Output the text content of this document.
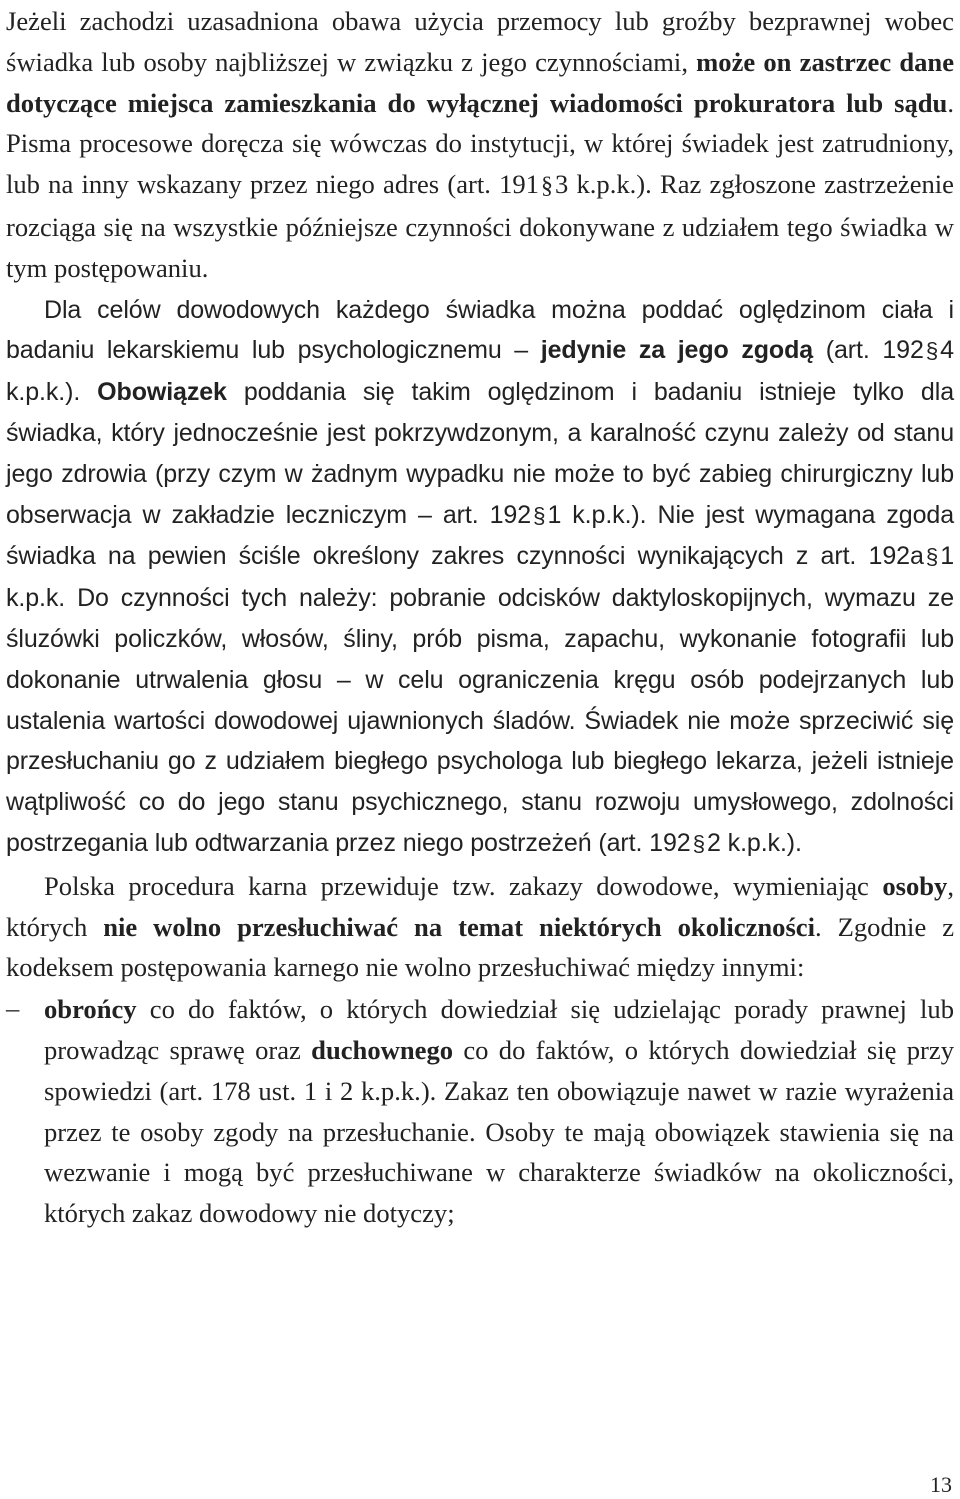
Jeżeli zachodzi uzasadniona obawa użycia przemocy lub groźby bezprawnej wobec świadka lub osoby najbliższej w związku z jego czynnościami, może on zastrzec dane dotyczące miejsca zamieszkania do wyłącznej wiadomości prokuratora lub sądu. Pisma procesowe doręcza się wówczas do instytucji, w której świadek jest zatrudniony, lub na inny wskazany przez niego adres (art. 191§3 k.p.k.). Raz zgłoszone zastrzeżenie rozciąga się na wszystkie późniejsze czynności dokonywane z udziałem tego świadka w tym postępowaniu.

Dla celów dowodowych każdego świadka można poddać oględzinom ciała i badaniu lekarskiemu lub psychologicznemu – jedynie za jego zgodą (art. 192§4 k.p.k.). Obowiązek poddania się takim oględzinom i badaniu istnieje tylko dla świadka, który jednocześnie jest pokrzywdzonym, a karalność czynu zależy od stanu jego zdrowia (przy czym w żadnym wypadku nie może to być zabieg chirurgiczny lub obserwacja w zakładzie leczniczym – art. 192§1 k.p.k.). Nie jest wymagana zgoda świadka na pewien ściśle określony zakres czynności wynikających z art. 192a§1 k.p.k. Do czynności tych należy: pobranie odcisków daktyloskopijnych, wymazu ze śluzówki policzków, włosów, śliny, prób pisma, zapachu, wykonanie fotografii lub dokonanie utrwalenia głosu – w celu ograniczenia kręgu osób podejrzanych lub ustalenia wartości dowodowej ujawnionych śladów. Świadek nie może sprzeciwić się przesłuchaniu go z udziałem biegłego psychologa lub biegłego lekarza, jeżeli istnieje wątpliwość co do jego stanu psychicznego, stanu rozwoju umysłowego, zdolności postrzegania lub odtwarzania przez niego postrzeżeń (art. 192§2 k.p.k.).

Polska procedura karna przewiduje tzw. zakazy dowodowe, wymieniając osoby, których nie wolno przesłuchiwać na temat niektórych okoliczności. Zgodnie z kodeksem postępowania karnego nie wolno przesłuchiwać między innymi:

– obrońcy co do faktów, o których dowiedział się udzielając porady prawnej lub prowadząc sprawę oraz duchownego co do faktów, o których dowiedział się przy spowiedzi (art. 178 ust. 1 i 2 k.p.k.). Zakaz ten obowiązuje nawet w razie wyrażenia przez te osoby zgody na przesłuchanie. Osoby te mają obowiązek stawienia się na wezwanie i mogą być przesłuchiwane w charakterze świadków na okoliczności, których zakaz dowodowy nie dotyczy;
13
